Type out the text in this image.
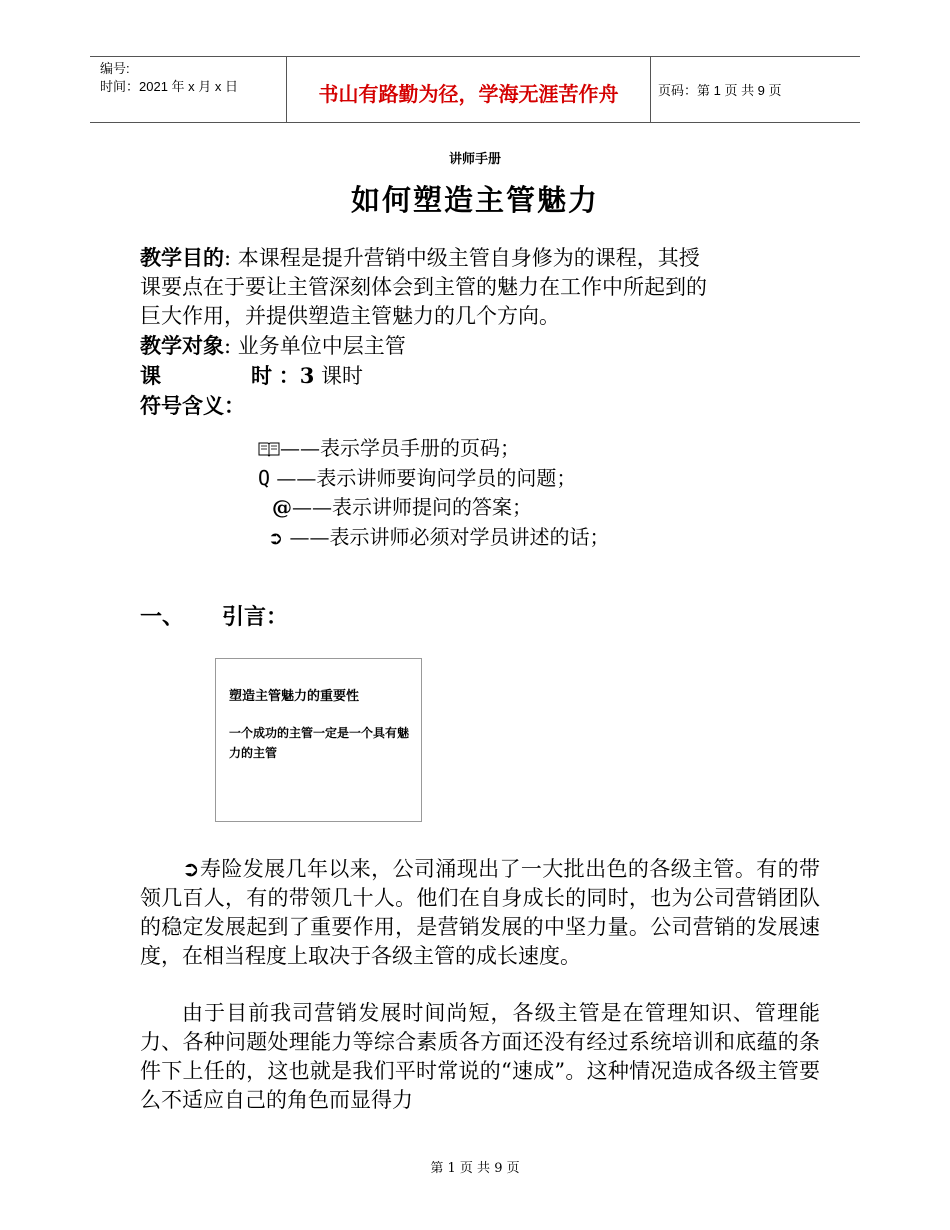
编号:
时间：2021 年 x 月 x 日	书山有路勤为径，学海无涯苦作舟	页码：第 1 页 共 9 页
讲师手册
如何塑造主管魅力
教学目的: 本课程是提升营销中级主管自身修为的课程，其授
课要点在于要让主管深刻体会到主管的魅力在工作中所起到的
巨大作用，并提供塑造主管魅力的几个方向。
教学对象: 业务单位中层主管
课	时 ：3 课时
符号含义：
——表示学员手册的页码；
Q ——表示讲师要询问学员的问题；
@——表示讲师提问的答案；
➲ ——表示讲师必须对学员讲述的话；
一、 引言：
塑造主管魅力的重要性
一个成功的主管一定是一个具有魅力的主管
➲寿险发展几年以来，公司涌现出了一大批出色的各级主管。有的带领几百人，有的带领几十人。他们在自身成长的同时，也为公司营销团队的稳定发展起到了重要作用，是营销发展的中坚力量。公司营销的发展速度，在相当程度上取决于各级主管的成长速度。
由于目前我司营销发展时间尚短，各级主管是在管理知识、管理能力、各种问题处理能力等综合素质各方面还没有经过系统培训和底蕴的条件下上任的，这也就是我们平时常说的“速成”。这种情况造成各级主管要么不适应自己的角色而显得力
第 1 页 共 9 页
